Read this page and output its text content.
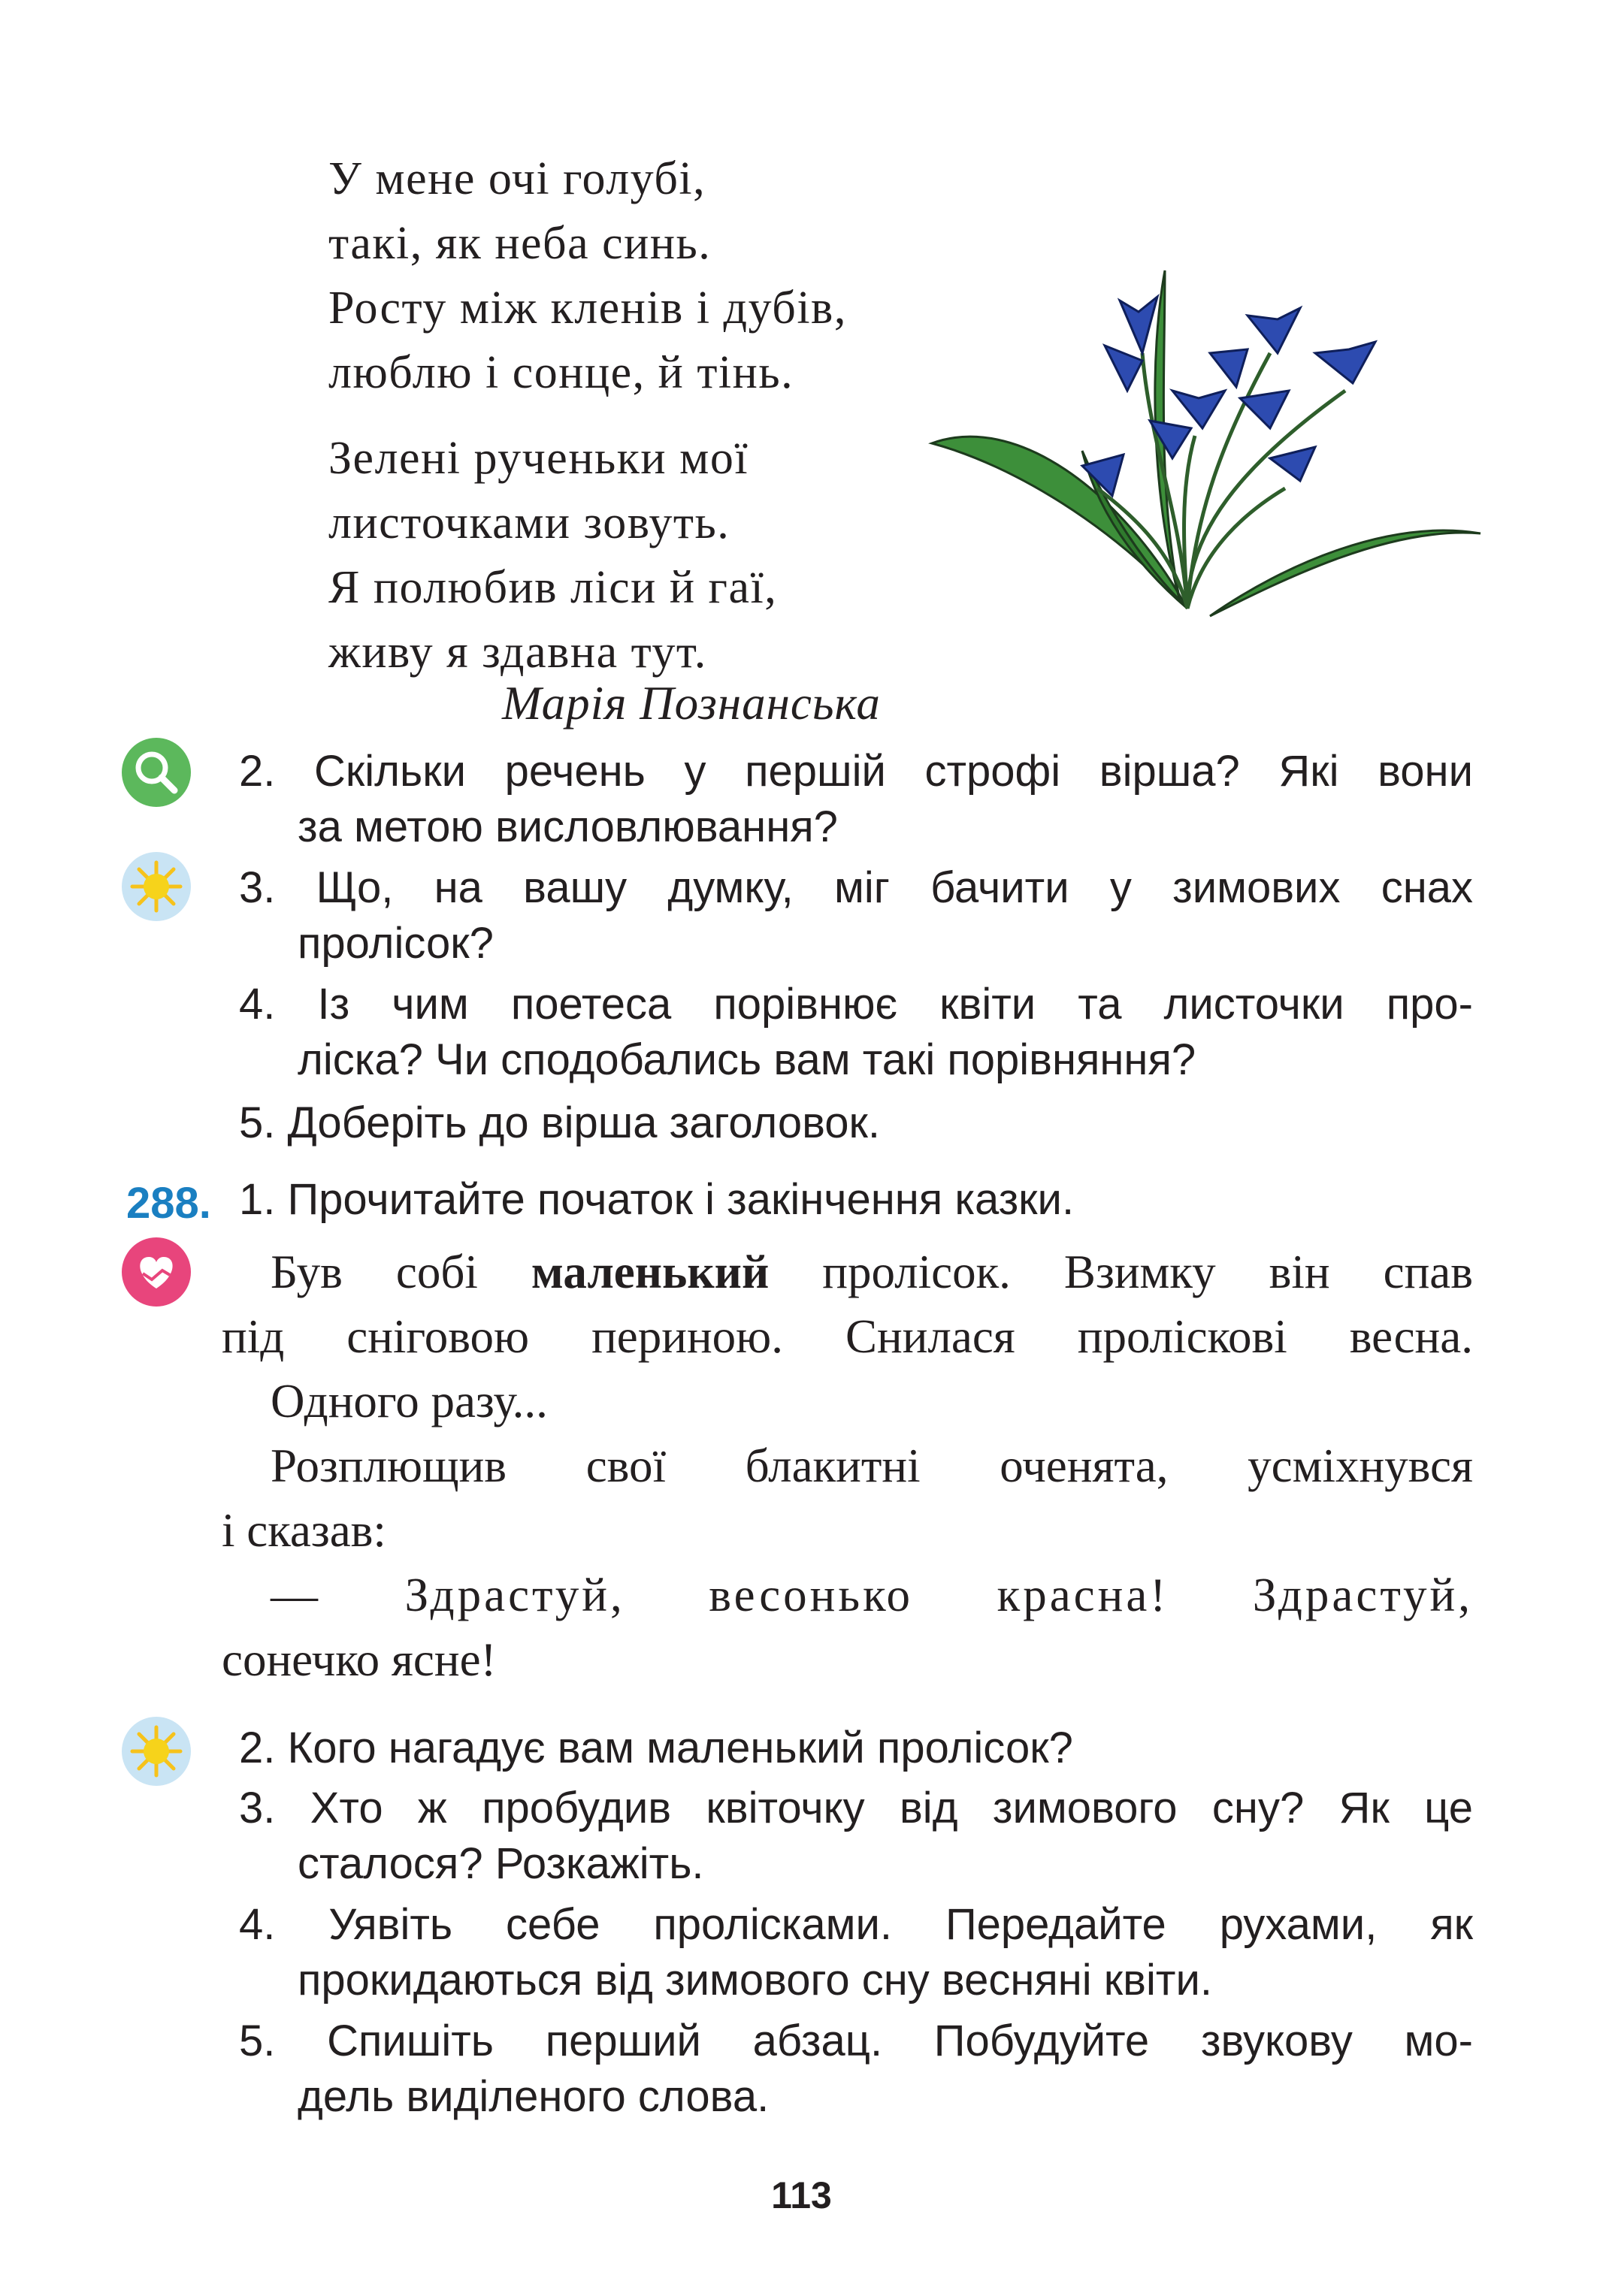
У мене очі голубі,
такі, як неба синь.
Росту між кленів і дубів,
люблю і сонце, й тінь.
Зелені рученьки мої
листочками зовуть.
Я полюбив ліси й гаї,
живу я здавна тут.
Марія Познанська
2. Скільки речень у першій строфі вірша? Які вони
за метою висловлювання?
3. Що, на вашу думку, міг бачити у зимових снах
пролісок?
4. Із чим поетеса порівнює квіти та листочки про-
ліска? Чи сподобались вам такі порівняння?
5. Доберіть до вірша заголовок.
288. 1. Прочитайте початок і закінчення казки.
Був собі маленький пролісок. Взимку він спав
під сніговою периною. Снилася пролісковi весна.
Одного разу...
Розплющив свої блакитні оченята, усміхнувся
і сказав:
— Здрастуй, весонько красна! Здрастуй,
сонечко ясне!
2. Кого нагадує вам маленький пролісок?
3. Хто ж пробудив квіточку від зимового сну? Як це
сталося? Розкажіть.
4. Уявіть себе пролісками. Передайте рухами, як
прокидаються від зимового сну весняні квіти.
5. Спишіть перший абзац. Побудуйте звукову мо-
дель виділеного слова.
113
